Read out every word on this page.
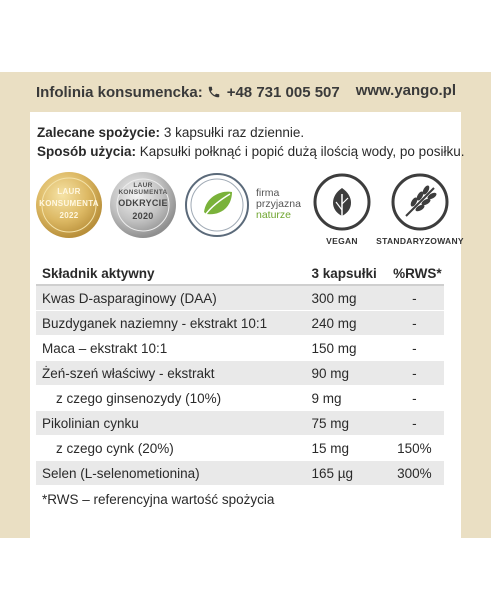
Infolinia konsumencka: +48 731 005 507 www.yango.pl
Zalecane spożycie: 3 kapsułki raz dziennie.
Sposób użycia: Kapsułki połknąć i popić dużą ilością wody, po posiłku.
LAUR
KONSUMENTA
2022
LAUR KONSUMENTA
ODKRYCIE
2020
firma
przyjazna
naturze
VEGAN	STANDARYZOWANY
Składnik aktywny	3 kapsułki	%RWS*
Kwas D-asparaginowy (DAA)	300 mg	-
Buzdyganek naziemny - ekstrakt 10:1	240 mg	-
Maca – ekstrakt 10:1	150 mg	-
Żeń-szeń właściwy - ekstrakt	90 mg	-
z czego ginsenozydy (10%)	9 mg	-
Pikolinian cynku	75 mg	-
z czego cynk (20%)	15 mg	150%
Selen (L-selenometionina)	165 µg	300%
*RWS – referencyjna wartość spożycia
